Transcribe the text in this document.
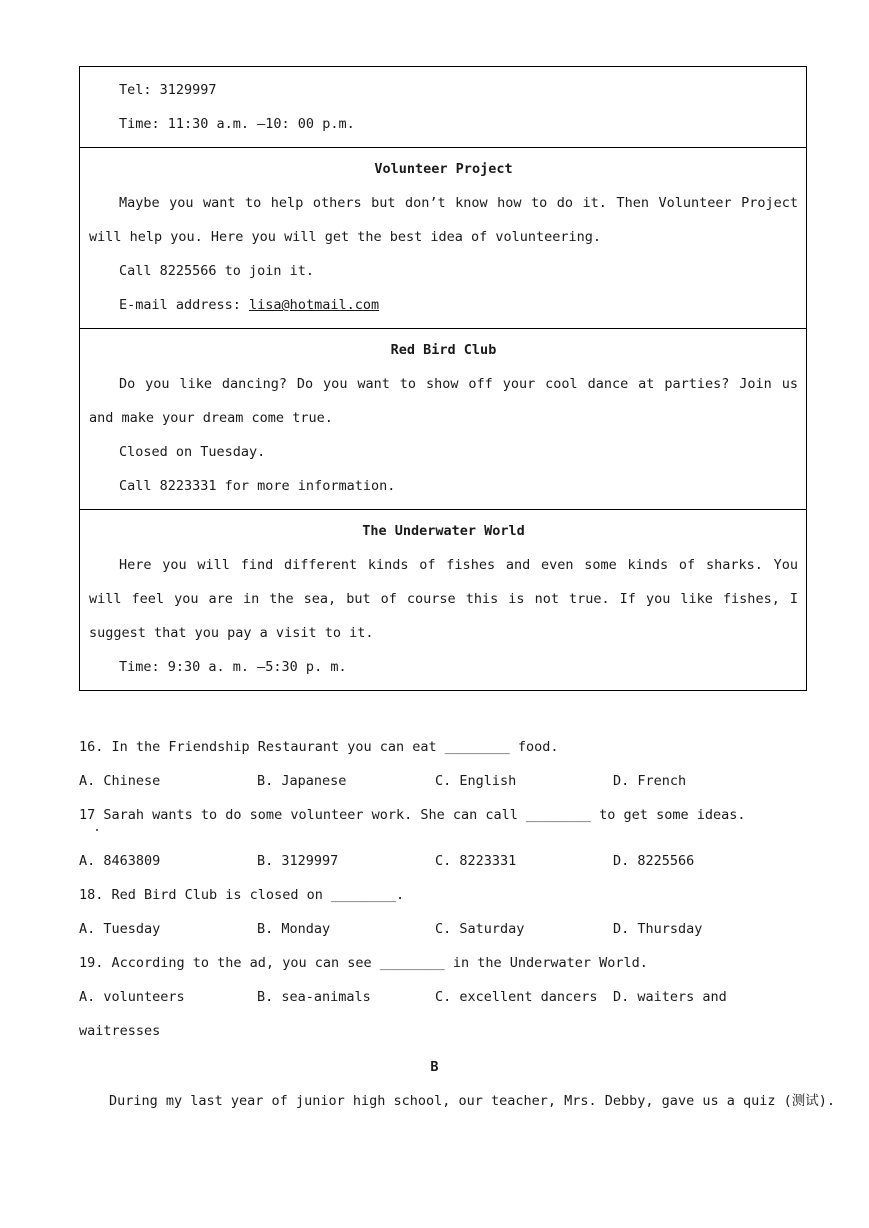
Tel: 3129997
Time: 11:30 a.m. —10: 00 p.m.
Volunteer Project
Maybe you want to help others but don’t know how to do it. Then Volunteer Project will help you. Here you will get the best idea of volunteering.
Call 8225566 to join it.
E-mail address: lisa@hotmail.com
Red Bird Club
Do you like dancing? Do you want to show off your cool dance at parties? Join us and make your dream come true.
Closed on Tuesday.
Call 8223331 for more information.
The Underwater World
Here you will find different kinds of fishes and even some kinds of sharks. You will feel you are in the sea, but of course this is not true. If you like fishes, I suggest that you pay a visit to it.
Time: 9:30 a. m. —5:30 p. m.
16. In the Friendship Restaurant you can eat ________ food.
A. Chinese	B. Japanese	C. English	D. French
17 Sarah wants to do some volunteer work. She can call ________ to get some ideas.
A. 8463809	B. 3129997	C. 8223331	D. 8225566
18. Red Bird Club is closed on ________.
A. Tuesday	B. Monday	C. Saturday	D. Thursday
19. According to the ad, you can see ________ in the Underwater World.
A. volunteers	B. sea-animals	C. excellent dancers	D. waiters and
waitresses
B
During my last year of junior high school, our teacher, Mrs. Debby, gave us a quiz (测试).
